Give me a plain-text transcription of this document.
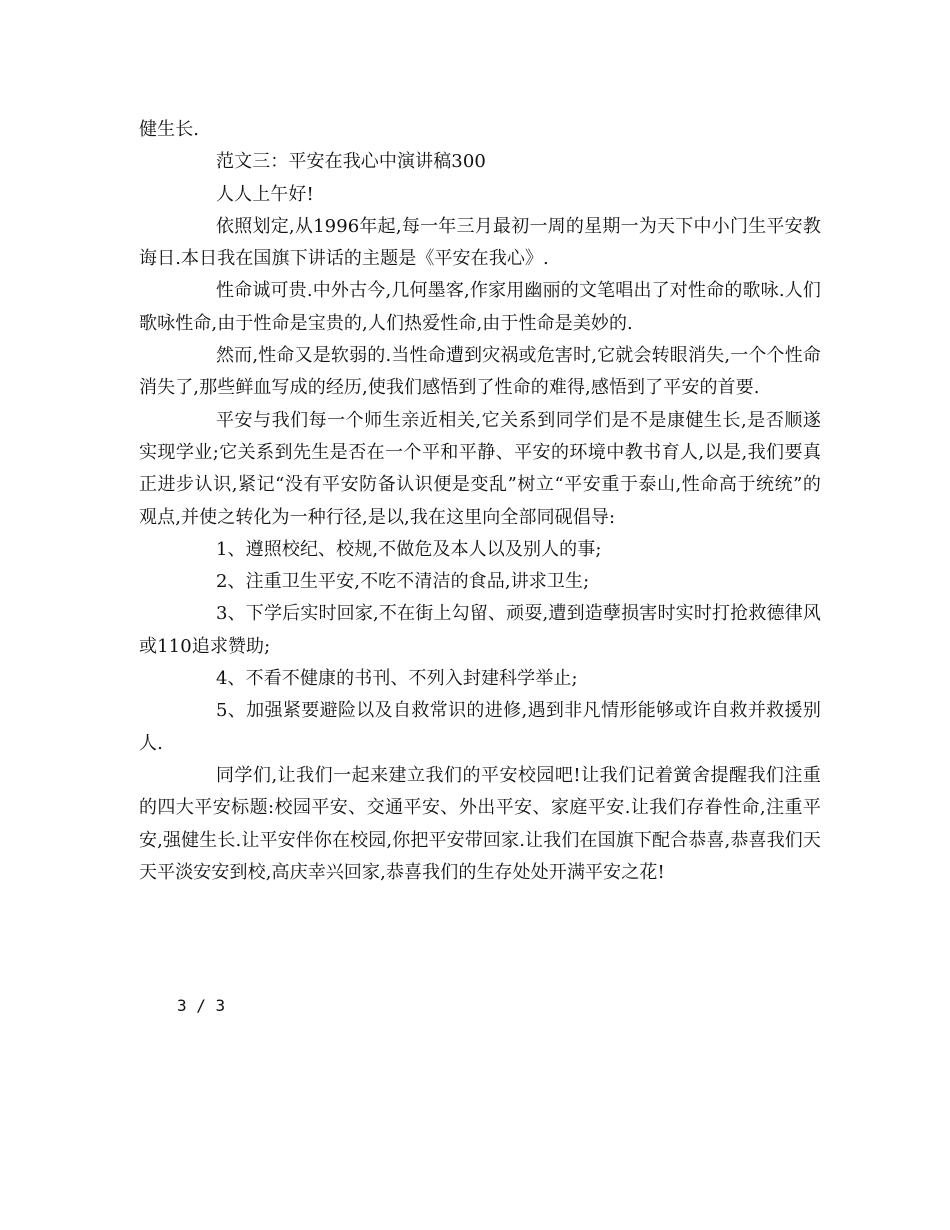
健生长.

范文三：平安在我心中演讲稿300

人人上午好!

依照划定,从1996年起,每一年三月最初一周的星期一为天下中小门生平安教诲日.本日我在国旗下讲话的主题是《平安在我心》.

性命诚可贵.中外古今,几何墨客,作家用幽丽的文笔唱出了对性命的歌咏.人们歌咏性命,由于性命是宝贵的,人们热爱性命,由于性命是美妙的.

然而,性命又是软弱的.当性命遭到灾祸或危害时,它就会转眼消失,一个个性命消失了,那些鲜血写成的经历,使我们感悟到了性命的难得,感悟到了平安的首要.

平安与我们每一个师生亲近相关,它关系到同学们是不是康健生长,是否顺遂实现学业;它关系到先生是否在一个平和平静、平安的环境中教书育人,以是,我们要真正进步认识,紧记“没有平安防备认识便是变乱”树立“平安重于泰山,性命高于统统”的观点,并使之转化为一种行径,是以,我在这里向全部同砚倡导:

1、遵照校纪、校规,不做危及本人以及别人的事;

2、注重卫生平安,不吃不清洁的食品,讲求卫生;

3、下学后实时回家,不在街上勾留、顽耍,遭到造孽损害时实时打抢救德律风或110追求赞助;

4、不看不健康的书刊、不列入封建科学举止;

5、加强紧要避险以及自救常识的进修,遇到非凡情形能够或许自救并救援别人.

同学们,让我们一起来建立我们的平安校园吧!让我们记着黉舍提醒我们注重的四大平安标题:校园平安、交通平安、外出平安、家庭平安.让我们存眷性命,注重平安,强健生长.让平安伴你在校园,你把平安带回家.让我们在国旗下配合恭喜,恭喜我们天天平淡安安到校,高庆幸兴回家,恭喜我们的生存处处开满平安之花!

3 / 3
